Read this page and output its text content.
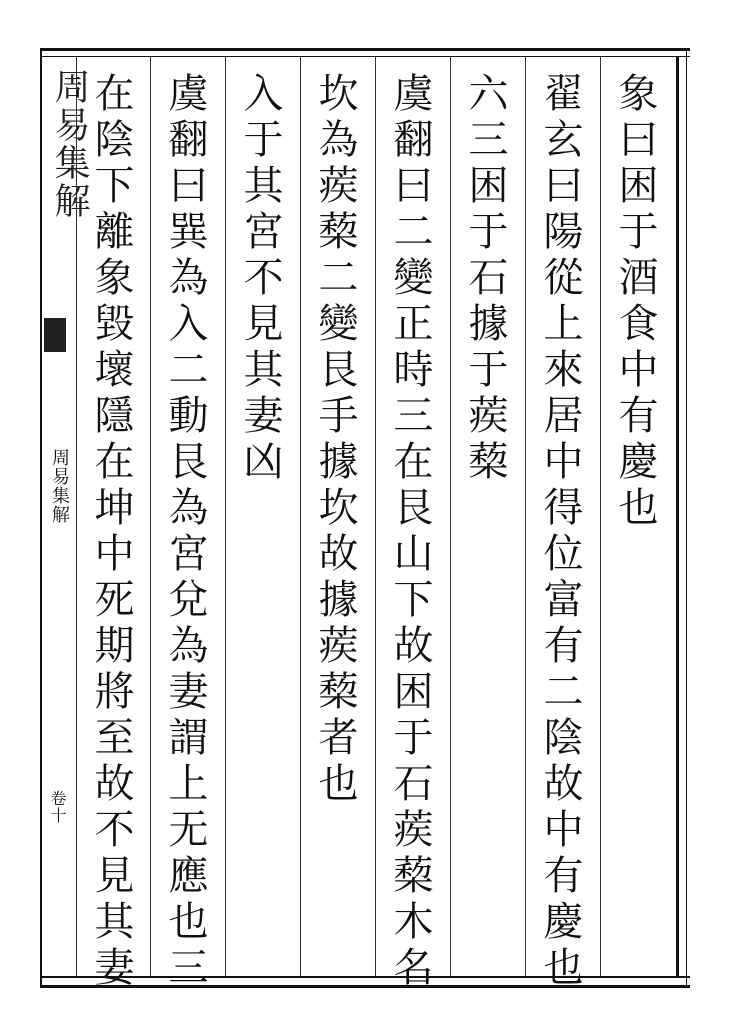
周易集解
周易集解
卷十
象曰困于酒食中有慶也
翟玄曰陽從上來居中得位富有二陰故中有慶也
六三困于石據于蒺蔾
虞翻曰二變正時三在艮山下故困于石蒺蔾木名
坎為蒺蔾二變艮手據坎故據蒺蔾者也
入于其宮不見其妻凶
虞翻曰巽為入二動艮為宮兌為妻謂上无應也三
在陰下離象毀壞隱在坤中死期將至故不見其妻
